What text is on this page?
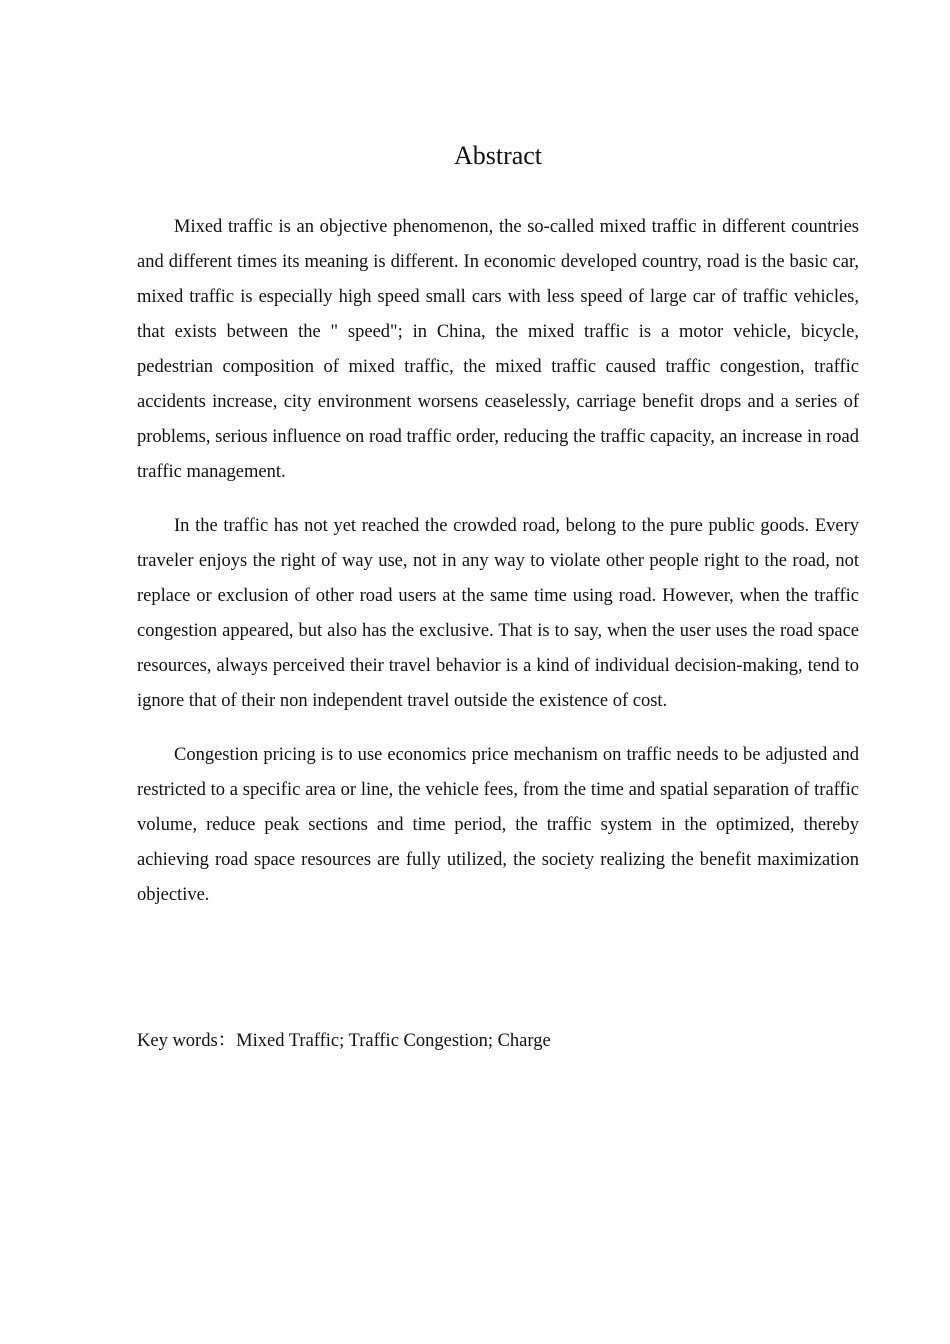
Abstract

Mixed traffic is an objective phenomenon, the so-called mixed traffic in different countries and different times its meaning is different. In economic developed country, road is the basic car, mixed traffic is especially high speed small cars with less speed of large car of traffic vehicles, that exists between the " speed"; in China, the mixed traffic is a motor vehicle, bicycle, pedestrian composition of mixed traffic, the mixed traffic caused traffic congestion, traffic accidents increase, city environment worsens ceaselessly, carriage benefit drops and a series of problems, serious influence on road traffic order, reducing the traffic capacity, an increase in road traffic management.

In the traffic has not yet reached the crowded road, belong to the pure public goods. Every traveler enjoys the right of way use, not in any way to violate other people right to the road, not replace or exclusion of other road users at the same time using road. However, when the traffic congestion appeared, but also has the exclusive. That is to say, when the user uses the road space resources, always perceived their travel behavior is a kind of individual decision-making, tend to ignore that of their non independent travel outside the existence of cost.

Congestion pricing is to use economics price mechanism on traffic needs to be adjusted and restricted to a specific area or line, the vehicle fees, from the time and spatial separation of traffic volume, reduce peak sections and time period, the traffic system in the optimized, thereby achieving road space resources are fully utilized, the society realizing the benefit maximization objective.

Key words：Mixed Traffic; Traffic Congestion; Charge
